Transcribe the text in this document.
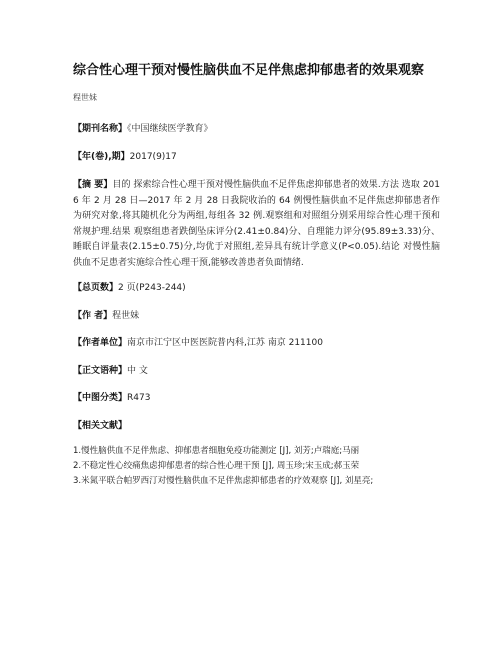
综合性心理干预对慢性脑供血不足伴焦虑抑郁患者的效果观察
程世妹
【期刊名称】《中国继续医学教育》
【年(卷),期】2017(9)17
【摘 要】目的 探索综合性心理干预对慢性脑供血不足伴焦虑抑郁患者的效果.方法 选取 2016 年 2 月 28 日—2017 年 2 月 28 日我院收治的 64 例慢性脑供血不足伴焦虑抑郁患者作为研究对象,将其随机化分为两组,每组各 32 例.观察组和对照组分别采用综合性心理干预和常规护理.结果 观察组患者跌倒坠床评分(2.41±0.84)分、自理能力评分(95.89±3.33)分、睡眠自评量表(2.15±0.75)分,均优于对照组,差异具有统计学意义(P<0.05).结论 对慢性脑供血不足患者实施综合性心理干预,能够改善患者负面情绪.
【总页数】2 页(P243-244)
【作 者】程世妹
【作者单位】南京市江宁区中医医院普内科,江苏 南京 211100
【正文语种】中 文
【中图分类】R473
【相关文献】
1.慢性脑供血不足伴焦虑、抑郁患者细胞免疫功能测定 [J], 刘芳;卢瑞庭;马丽
2.不稳定性心绞痛焦虑抑郁患者的综合性心理干预 [J], 周玉珍;宋玉成;郝玉荣
3.米氮平联合帕罗西汀对慢性脑供血不足伴焦虑抑郁患者的疗效观察 [J], 刘星亮;
